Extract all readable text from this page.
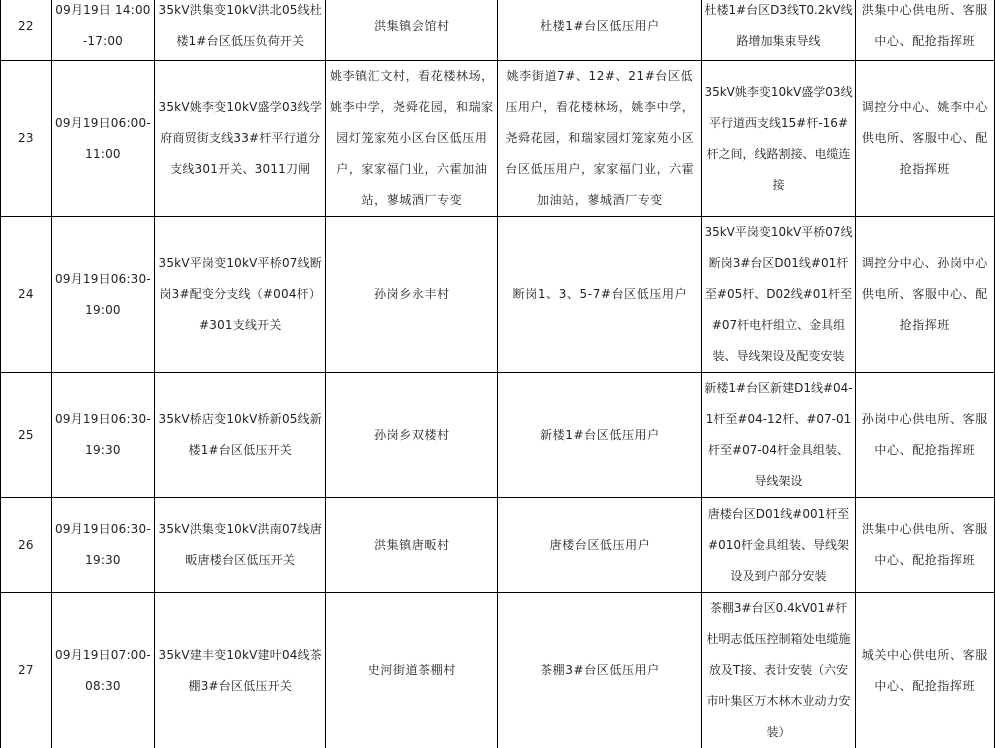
22	09月19日 14:00-17:00	35kV洪集变10kV洪北05线杜楼1#台区低压负荷开关	洪集镇会馆村	杜楼1#台区低压用户	杜楼1#台区D3线T0.2kV线路增加集束导线	洪集中心供电所、客服中心、配抢指挥班
23	09月19日06:00-11:00	35kV姚李变10kV盛学03线学府商贸街支线33#杆平行道分支线301开关、3011刀闸	姚李镇汇文村，看花楼林场，姚李中学，尧舜花园，和瑞家园灯笼家苑小区台区低压用户，家家福门业，六霍加油站，蓼城酒厂专变	姚李街道7#、12#、21#台区低压用户，看花楼林场，姚李中学，尧舜花园，和瑞家园灯笼家苑小区台区低压用户，家家福门业，六霍加油站，蓼城酒厂专变	35kV姚李变10kV盛学03线平行道西支线15#杆-16#杆之间，线路割接、电缆连接	调控分中心、姚李中心供电所、客服中心、配抢指挥班
24	09月19日06:30-19:00	35kV平岗变10kV平桥07线断岗3#配变分支线（#004杆）#301支线开关	孙岗乡永丰村	断岗1、3、5-7#台区低压用户	35kV平岗变10kV平桥07线断岗3#台区D01线#01杆至#05杆、D02线#01杆至#07杆电杆组立、金具组装、导线架设及配变安装	调控分中心、孙岗中心供电所、客服中心、配抢指挥班
25	09月19日06:30-19:30	35kV桥店变10kV桥新05线新楼1#台区低压开关	孙岗乡双楼村	新楼1#台区低压用户	新楼1#台区新建D1线#04-1杆至#04-12杆、#07-01杆至#07-04杆金具组装、导线架设	孙岗中心供电所、客服中心、配抢指挥班
26	09月19日06:30-19:30	35kV洪集变10kV洪南07线唐畈唐楼台区低压开关	洪集镇唐畈村	唐楼台区低压用户	唐楼台区D01线#001杆至#010杆金具组装、导线架设及到户部分安装	洪集中心供电所、客服中心、配抢指挥班
27	09月19日07:00-08:30	35kV建丰变10kV建叶04线茶棚3#台区低压开关	史河街道茶棚村	茶棚3#台区低压用户	茶棚3#台区0.4kV01#杆杜明志低压控制箱处电缆施放及T接、表计安装（六安市叶集区万木林木业动力安装）	城关中心供电所、客服中心、配抢指挥班
